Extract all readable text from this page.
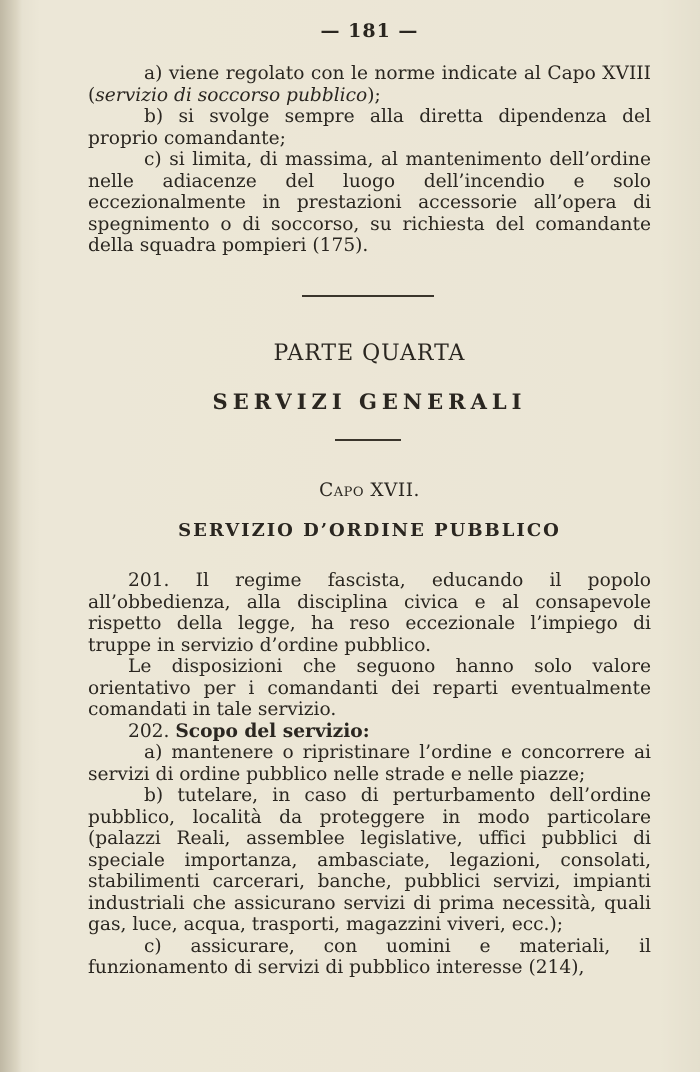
— 181 —

a) viene regolato con le norme indicate al Capo XVIII (servizio di soccorso pubblico);

b) si svolge sempre alla diretta dipendenza del proprio comandante;

c) si limita, di massima, al mantenimento dell’ordine nelle adiacenze del luogo dell’incendio e solo eccezionalmente in prestazioni accessorie all’opera di spegnimento o di soccorso, su richiesta del comandante della squadra pompieri (175).

PARTE QUARTA
SERVIZI GENERALI
Capo XVII.
SERVIZIO D’ORDINE PUBBLICO

201. Il regime fascista, educando il popolo all’obbedienza, alla disciplina civica e al consapevole rispetto della legge, ha reso eccezionale l’impiego di truppe in servizio d’ordine pubblico.

Le disposizioni che seguono hanno solo valore orientativo per i comandanti dei reparti eventualmente comandati in tale servizio.

202. Scopo del servizio:

a) mantenere o ripristinare l’ordine e concorrere ai servizi di ordine pubblico nelle strade e nelle piazze;

b) tutelare, in caso di perturbamento dell’ordine pubblico, località da proteggere in modo particolare (palazzi Reali, assemblee legislative, uffici pubblici di speciale importanza, ambasciate, legazioni, consolati, stabilimenti carcerari, banche, pubblici servizi, impianti industriali che assicurano servizi di prima necessità, quali gas, luce, acqua, trasporti, magazzini viveri, ecc.);

c) assicurare, con uomini e materiali, il funzionamento di servizi di pubblico interesse (214),
